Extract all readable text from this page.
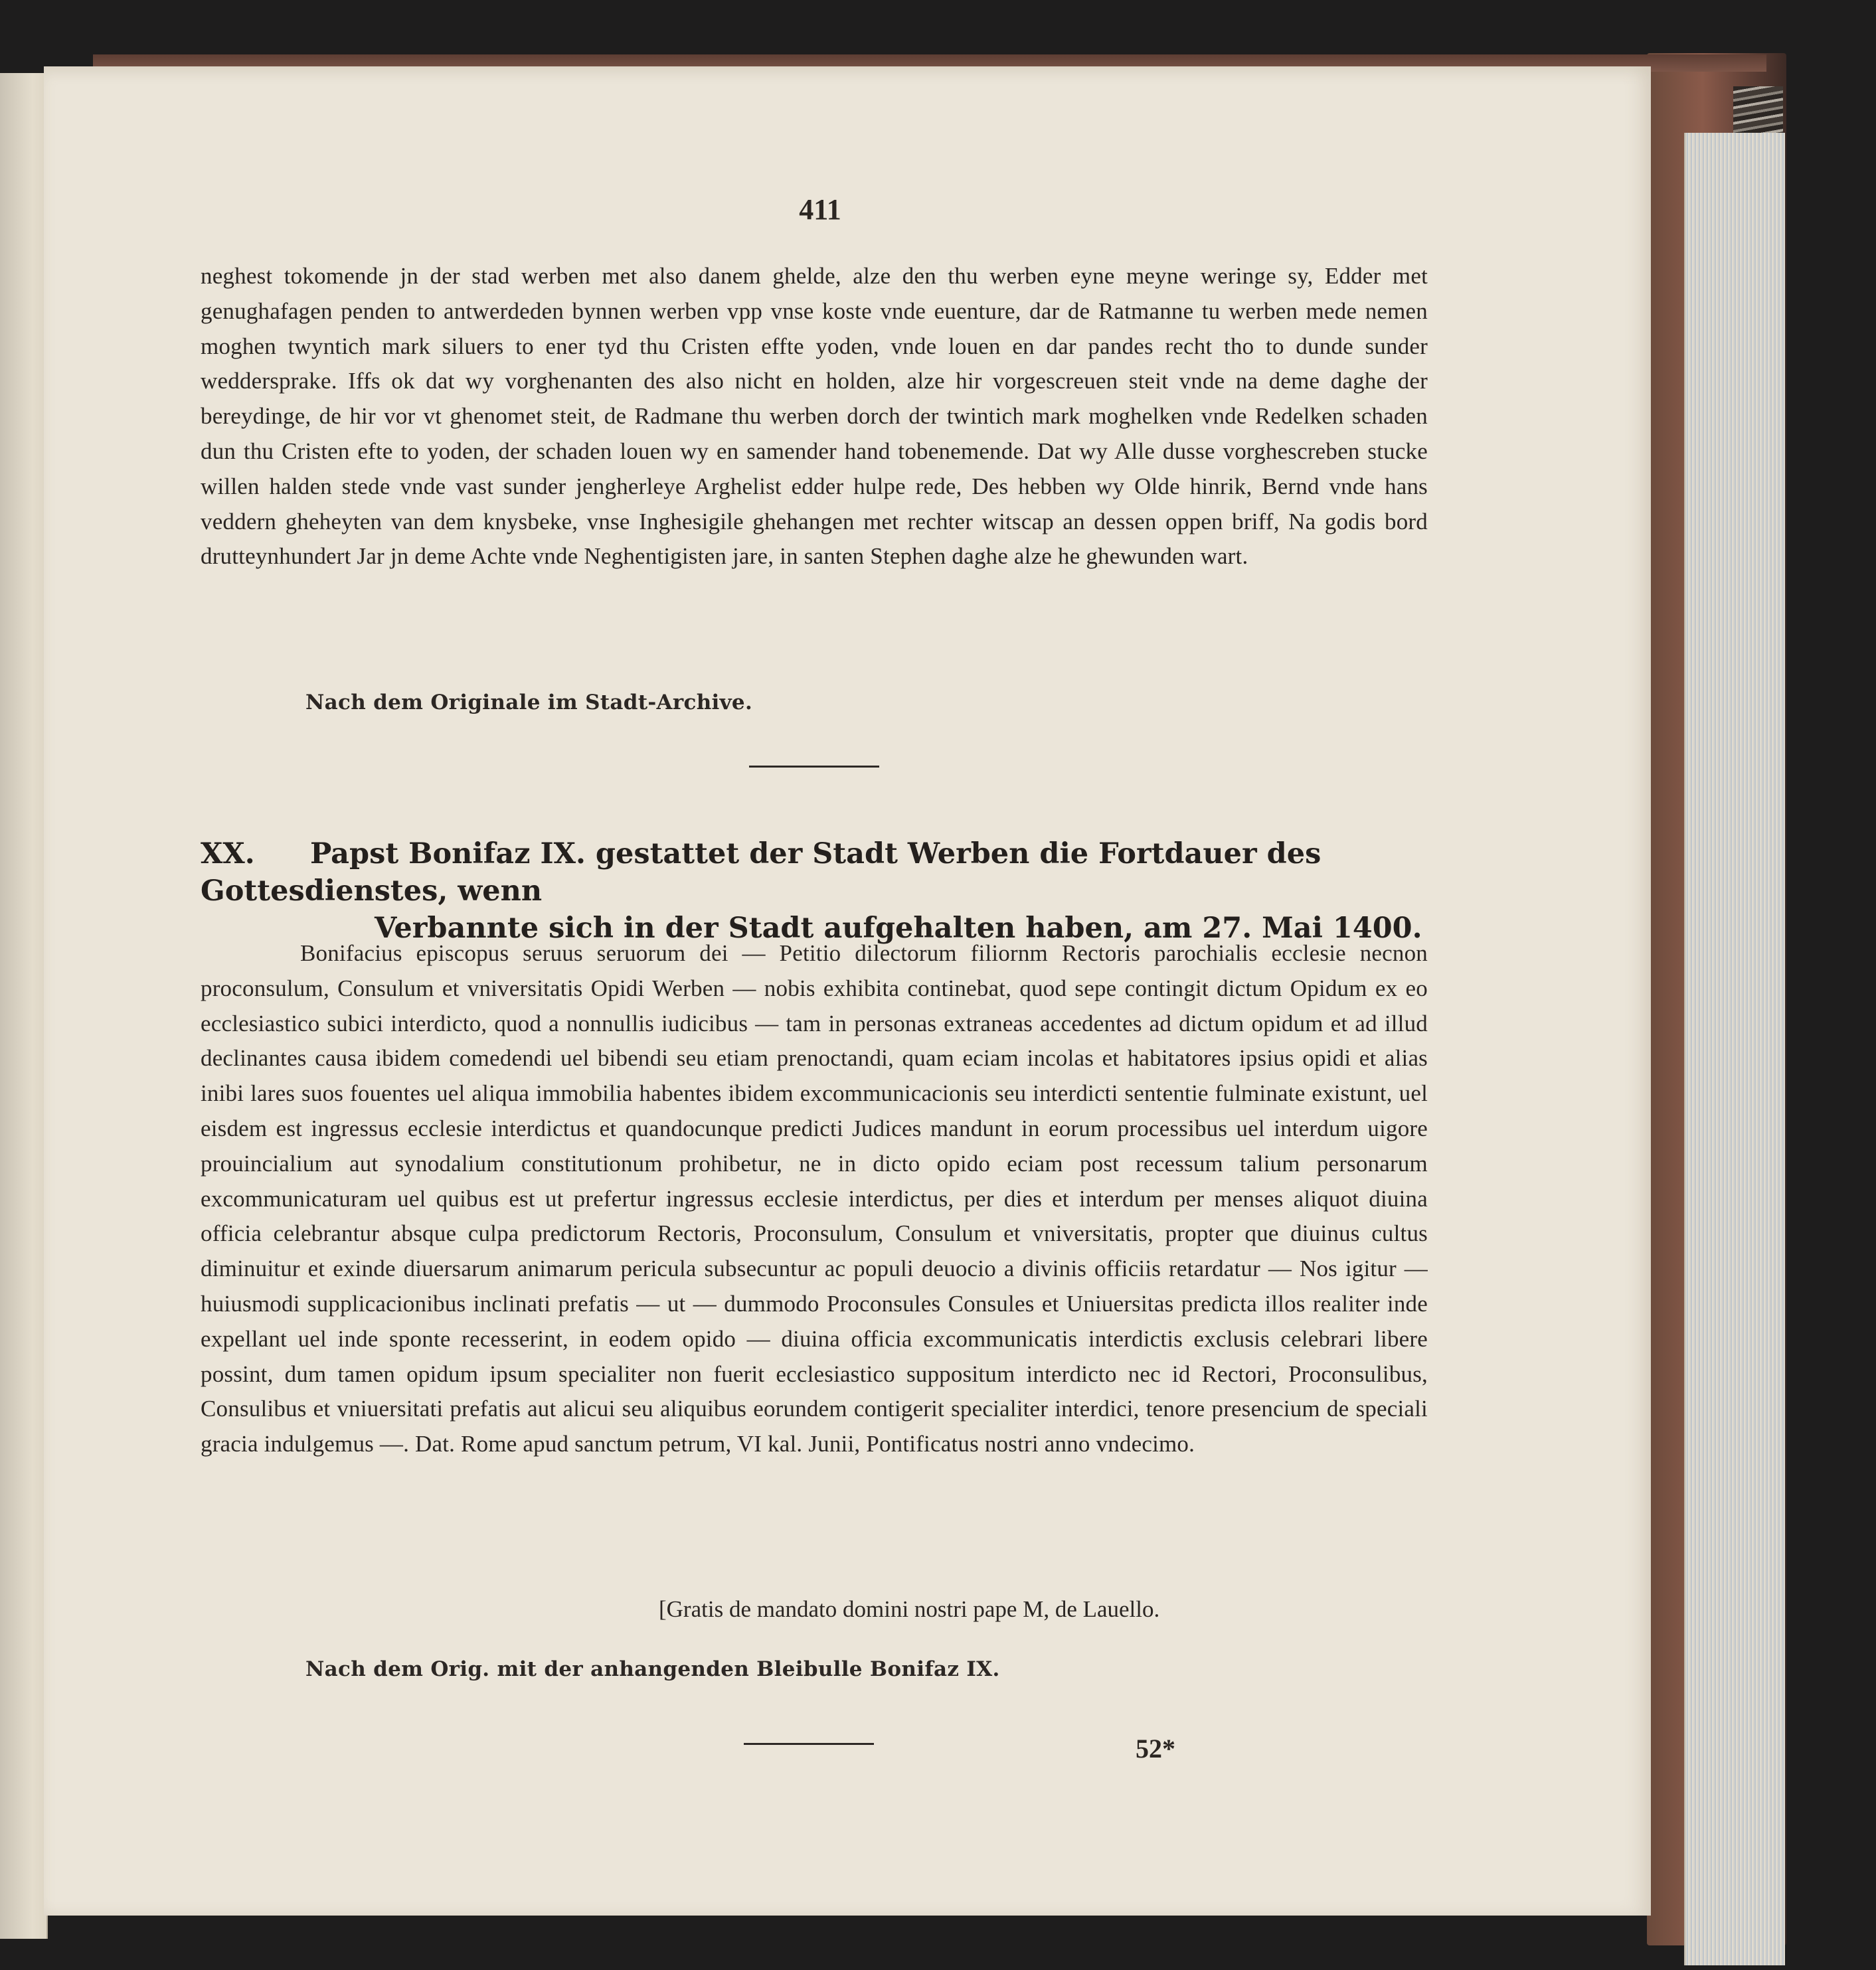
411
neghest tokomende jn der stad werben met also danem ghelde, alze den thu werben eyne meyne weringe sy, Edder met genughafagen penden to antwerdeden bynnen werben vpp vnse koste vnde euenture, dar de Ratmanne tu werben mede nemen moghen twyntich mark siluers to ener tyd thu Cristen effte yoden, vnde louen en dar pandes recht tho to dunde sunder weddersprake. Iffs ok dat wy vorghenanten des also nicht en holden, alze hir vorgescreuen steit vnde na deme daghe der bereydinge, de hir vor vt ghenomet steit, de Radmane thu werben dorch der twintich mark moghelken vnde Redelken schaden dun thu Cristen efte to yoden, der schaden louen wy en samender hand tobenemende. Dat wy Alle dusse vorghescreben stucke willen halden stede vnde vast sunder jengherleye Arghelist edder hulpe rede, Des hebben wy Olde hinrik, Bernd vnde hans veddern gheheyten van dem knysbeke, vnse Inghesigile ghehangen met rechter witscap an dessen oppen briff, Na godis bord drutteynhundert Jar jn deme Achte vnde Neghentigisten jare, in santen Stephen daghe alze he ghewunden wart.
Nach dem Originale im Stadt-Archive.
XX. Papst Bonifaz IX. gestattet der Stadt Werben die Fortdauer des Gottesdienstes, wenn
Verbannte sich in der Stadt aufgehalten haben, am 27. Mai 1400.
Bonifacius episcopus seruus seruorum dei — Petitio dilectorum filiornm Rectoris parochialis ecclesie necnon proconsulum, Consulum et vniversitatis Opidi Werben — nobis exhibita continebat, quod sepe contingit dictum Opidum ex eo ecclesiastico subici interdicto, quod a nonnullis iudicibus — tam in personas extraneas accedentes ad dictum opidum et ad illud declinantes causa ibidem comedendi uel bibendi seu etiam prenoctandi, quam eciam incolas et habitatores ipsius opidi et alias inibi lares suos fouentes uel aliqua immobilia habentes ibidem excommunicacionis seu interdicti sententie fulminate existunt, uel eisdem est ingressus ecclesie interdictus et quandocunque predicti Judices mandunt in eorum processibus uel interdum uigore prouincialium aut synodalium constitutionum prohibetur, ne in dicto opido eciam post recessum talium personarum excommunicaturam uel quibus est ut prefertur ingressus ecclesie interdictus, per dies et interdum per menses aliquot diuina officia celebrantur absque culpa predictorum Rectoris, Proconsulum, Consulum et vniversitatis, propter que diuinus cultus diminuitur et exinde diuersarum animarum pericula subsecuntur ac populi deuocio a divinis officiis retardatur — Nos igitur — huiusmodi supplicacionibus inclinati prefatis — ut — dummodo Proconsules Consules et Uniuersitas predicta illos realiter inde expellant uel inde sponte recesserint, in eodem opido — diuina officia excommunicatis interdictis exclusis celebrari libere possint, dum tamen opidum ipsum specialiter non fuerit ecclesiastico suppositum interdicto nec id Rectori, Proconsulibus, Consulibus et vniuersitati prefatis aut alicui seu aliquibus eorundem contigerit specialiter interdici, tenore presencium de speciali gracia indulgemus —. Dat. Rome apud sanctum petrum, VI kal. Junii, Pontificatus nostri anno vndecimo.
[Gratis de mandato domini nostri pape M, de Lauello.
Nach dem Orig. mit der anhangenden Bleibulle Bonifaz IX.
52*
